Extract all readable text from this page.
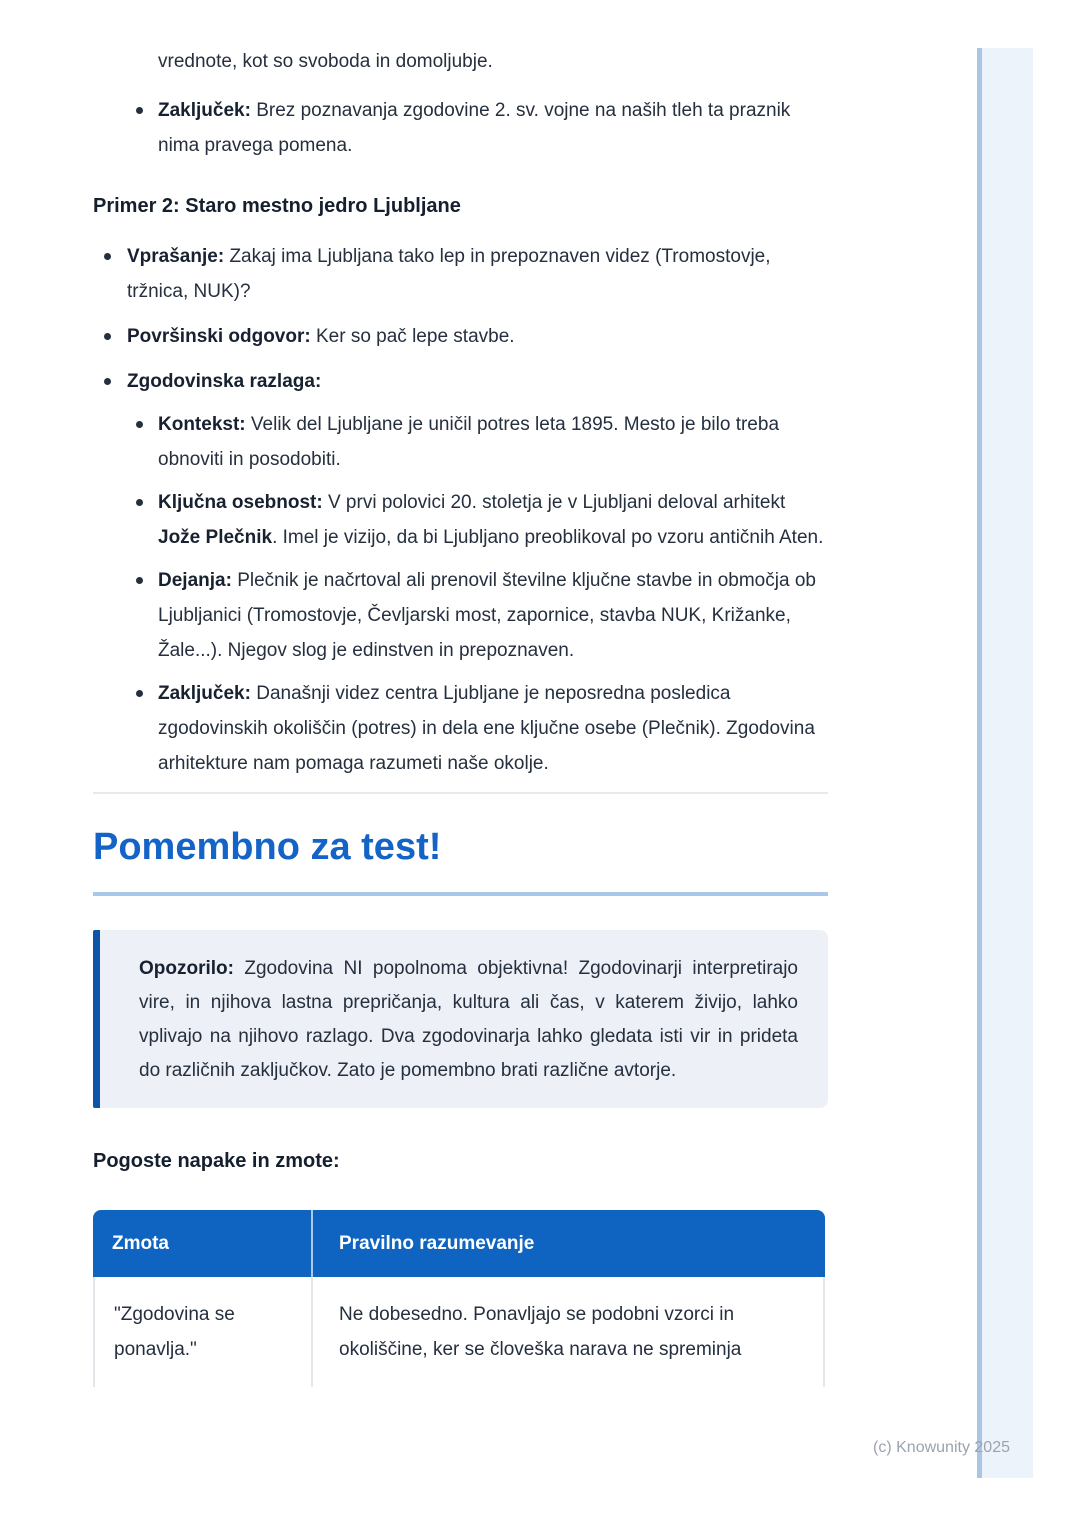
vrednote, kot so svoboda in domoljubje.

Zaključek: Brez poznavanja zgodovine 2. sv. vojne na naših tleh ta praznik nima pravega pomena.
Primer 2: Staro mestno jedro Ljubljane
Vprašanje: Zakaj ima Ljubljana tako lep in prepoznaven videz (Tromostovje, tržnica, NUK)?
Površinski odgovor: Ker so pač lepe stavbe.
Zgodovinska razlaga:
Kontekst: Velik del Ljubljane je uničil potres leta 1895. Mesto je bilo treba obnoviti in posodobiti.
Ključna osebnost: V prvi polovici 20. stoletja je v Ljubljani deloval arhitekt Jože Plečnik. Imel je vizijo, da bi Ljubljano preoblikoval po vzoru antičnih Aten.
Dejanja: Plečnik je načrtoval ali prenovil številne ključne stavbe in območja ob Ljubljanici (Tromostovje, Čevljarski most, zapornice, stavba NUK, Križanke, Žale...). Njegov slog je edinstven in prepoznaven.
Zaključek: Današnji videz centra Ljubljane je neposredna posledica zgodovinskih okoliščin (potres) in dela ene ključne osebe (Plečnik). Zgodovina arhitekture nam pomaga razumeti naše okolje.
Pomembno za test!
Opozorilo: Zgodovina NI popolnoma objektivna! Zgodovinarji interpretirajo vire, in njihova lastna prepričanja, kultura ali čas, v katerem živijo, lahko vplivajo na njihovo razlago. Dva zgodovinarja lahko gledata isti vir in prideta do različnih zaključkov. Zato je pomembno brati različne avtorje.
Pogoste napake in zmote:
Zmota	Pravilno razumevanje
"Zgodovina se ponavlja."
Ne dobesedno. Ponavljajo se podobni vzorci in okoliščine, ker se človeška narava ne spreminja
(c) Knowunity 2025
